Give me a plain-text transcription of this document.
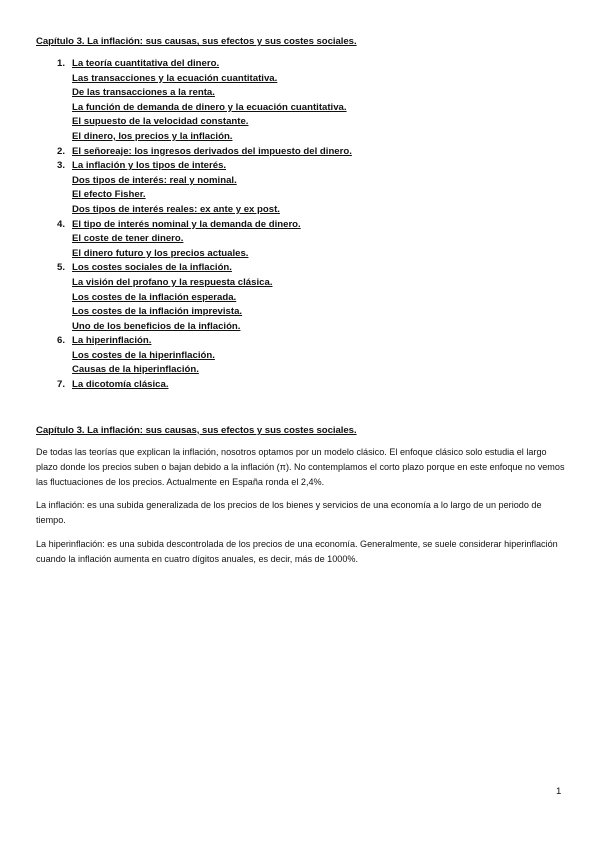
Capítulo 3. La inflación: sus causas, sus efectos y sus costes sociales.

1. La teoría cuantitativa del dinero.
Las transacciones y la ecuación cuantitativa.
De las transacciones a la renta.
La función de demanda de dinero y la ecuación cuantitativa.
El supuesto de la velocidad constante.
El dinero, los precios y la inflación.
2. El señoreaje: los ingresos derivados del impuesto del dinero.
3. La inflación y los tipos de interés.
Dos tipos de interés: real y nominal.
El efecto Fisher.
Dos tipos de interés reales: ex ante y ex post.
4. El tipo de interés nominal y la demanda de dinero.
El coste de tener dinero.
El dinero futuro y los precios actuales.
5. Los costes sociales de la inflación.
La visión del profano y la respuesta clásica.
Los costes de la inflación esperada.
Los costes de la inflación imprevista.
Uno de los beneficios de la inflación.
6. La hiperinflación.
Los costes de la hiperinflación.
Causas de la hiperinflación.
7. La dicotomía clásica.

Capítulo 3. La inflación: sus causas, sus efectos y sus costes sociales.

De todas las teorías que explican la inflación, nosotros optamos por un modelo clásico. El enfoque clásico solo estudia el largo plazo donde los precios suben o bajan debido a la inflación (π). No contemplamos el corto plazo porque en este enfoque no vemos las fluctuaciones de los precios. Actualmente en España ronda el 2,4%.

La inflación: es una subida generalizada de los precios de los bienes y servicios de una economía a lo largo de un periodo de tiempo.

La hiperinflación: es una subida descontrolada de los precios de una economía. Generalmente, se suele considerar hiperinflación cuando la inflación aumenta en cuatro dígitos anuales, es decir, más de 1000%.

1
